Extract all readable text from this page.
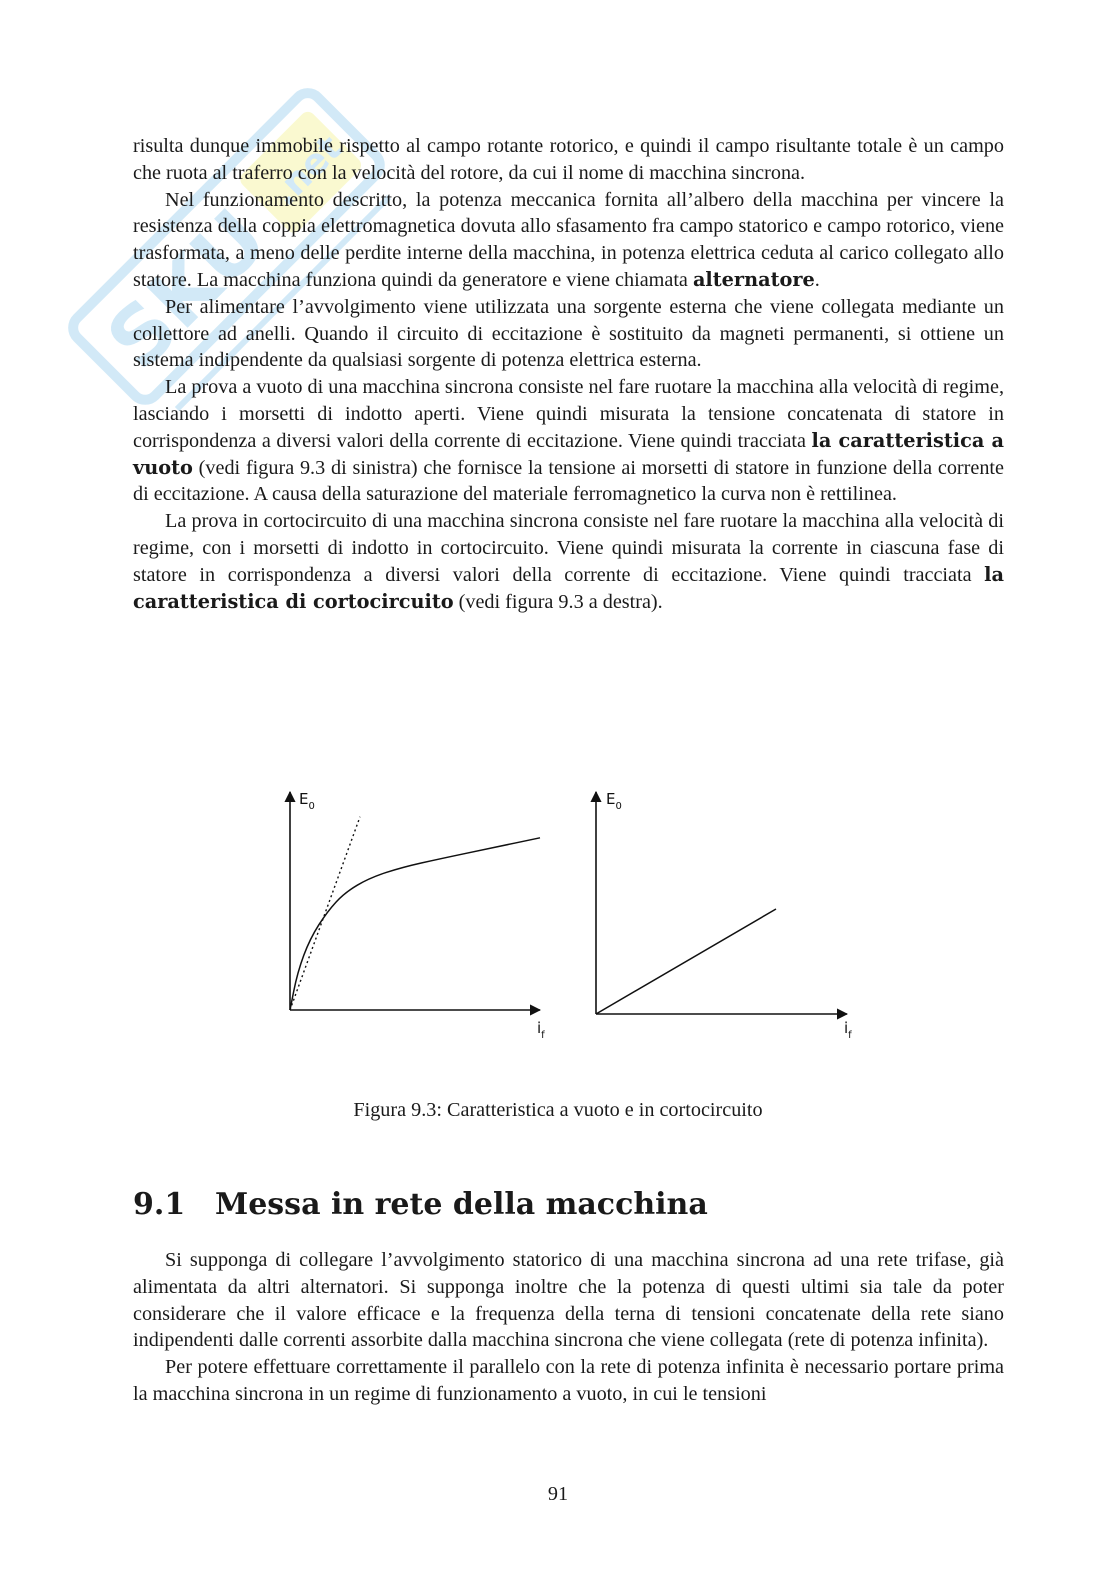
SKU
.net

risulta dunque immobile rispetto al campo rotante rotorico, e quindi il campo risultante totale è un campo che ruota al traferro con la velocità del rotore, da cui il nome di macchina sincrona.

Nel funzionamento descritto, la potenza meccanica fornita all’albero della macchina per vincere la resistenza della coppia elettromagnetica dovuta allo sfasamento fra campo statorico e campo rotorico, viene trasformata, a meno delle perdite interne della macchina, in potenza elettrica ceduta al carico collegato allo statore. La macchina funziona quindi da generatore e viene chiamata alternatore.

Per alimentare l’avvolgimento viene utilizzata una sorgente esterna che viene collegata mediante un collettore ad anelli. Quando il circuito di eccitazione è sostituito da magneti permanenti, si ottiene un sistema indipendente da qualsiasi sorgente di potenza elettrica esterna.

La prova a vuoto di una macchina sincrona consiste nel fare ruotare la macchina alla velocità di regime, lasciando i morsetti di indotto aperti. Viene quindi misurata la tensione concatenata di statore in corrispondenza a diversi valori della corrente di eccitazione. Viene quindi tracciata la caratteristica a vuoto (vedi figura 9.3 di sinistra) che fornisce la tensione ai morsetti di statore in funzione della corrente di eccitazione. A causa della saturazione del materiale ferromagnetico la curva non è rettilinea.

La prova in cortocircuito di una macchina sincrona consiste nel fare ruotare la macchina alla velocità di regime, con i morsetti di indotto in cortocircuito. Viene quindi misurata la corrente in ciascuna fase di statore in corrispondenza a diversi valori della corrente di eccitazione. Viene quindi tracciata la caratteristica di cortocircuito (vedi figura 9.3 a destra).

$E_0$
$i_f$
$E_0$
$i_f$
Figura 9.3: Caratteristica a vuoto e in cortocircuito
9.1 Messa in rete della macchina

Si supponga di collegare l’avvolgimento statorico di una macchina sincrona ad una rete trifase, già alimentata da altri alternatori. Si supponga inoltre che la potenza di questi ultimi sia tale da poter considerare che il valore efficace e la frequenza della terna di tensioni concatenate della rete siano indipendenti dalle correnti assorbite dalla macchina sincrona che viene collegata (rete di potenza infinita).

Per potere effettuare correttamente il parallelo con la rete di potenza infinita è necessario portare prima la macchina sincrona in un regime di funzionamento a vuoto, in cui le tensioni

91
